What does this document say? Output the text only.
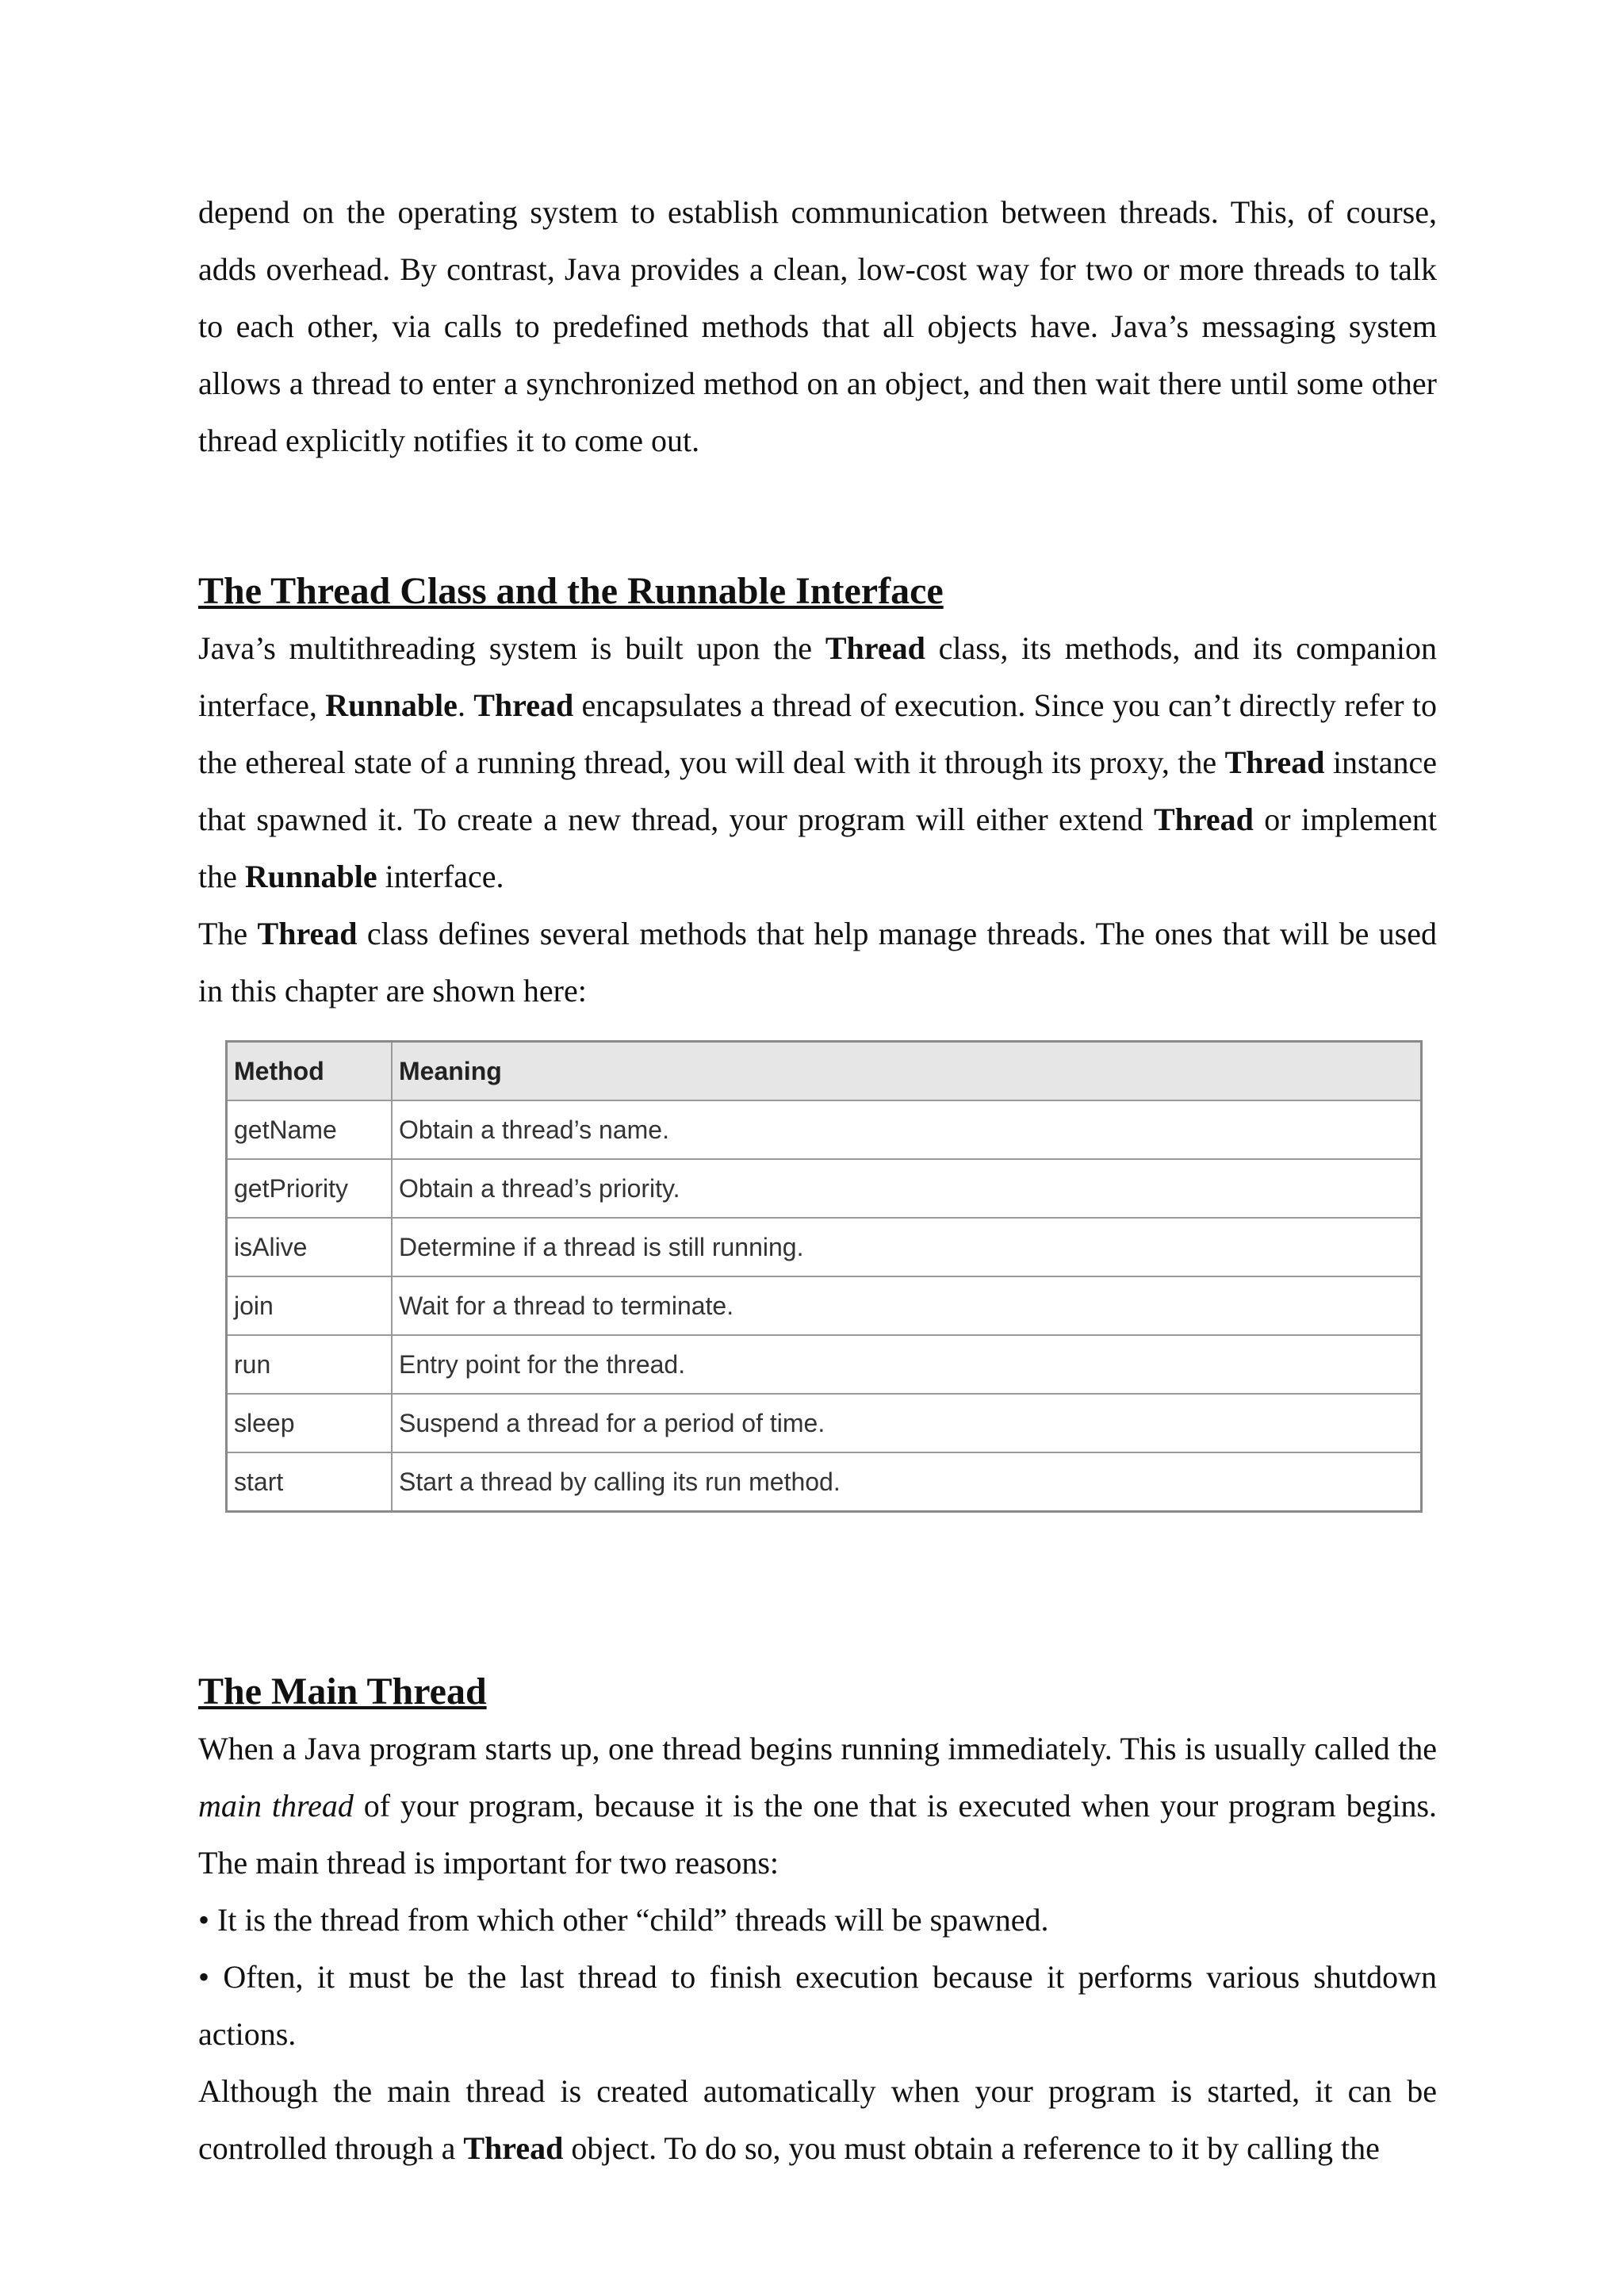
depend on the operating system to establish communication between threads. This, of course, adds overhead. By contrast, Java provides a clean, low-cost way for two or more threads to talk to each other, via calls to predefined methods that all objects have. Java’s messaging system allows a thread to enter a synchronized method on an object, and then wait there until some other thread explicitly notifies it to come out.

The Thread Class and the Runnable Interface

Java’s multithreading system is built upon the Thread class, its methods, and its companion interface, Runnable. Thread encapsulates a thread of execution. Since you can’t directly refer to the ethereal state of a running thread, you will deal with it through its proxy, the Thread instance that spawned it. To create a new thread, your program will either extend Thread or implement the Runnable interface.

The Thread class defines several methods that help manage threads. The ones that will be used in this chapter are shown here:

Method	Meaning
getName	Obtain a thread’s name.
getPriority	Obtain a thread’s priority.
isAlive	Determine if a thread is still running.
join	Wait for a thread to terminate.
run	Entry point for the thread.
sleep	Suspend a thread for a period of time.
start	Start a thread by calling its run method.
The Main Thread

When a Java program starts up, one thread begins running immediately. This is usually called the main thread of your program, because it is the one that is executed when your program begins. The main thread is important for two reasons:

• It is the thread from which other “child” threads will be spawned.

• Often, it must be the last thread to finish execution because it performs various shutdown actions.

Although the main thread is created automatically when your program is started, it can be controlled through a Thread object. To do so, you must obtain a reference to it by calling the
